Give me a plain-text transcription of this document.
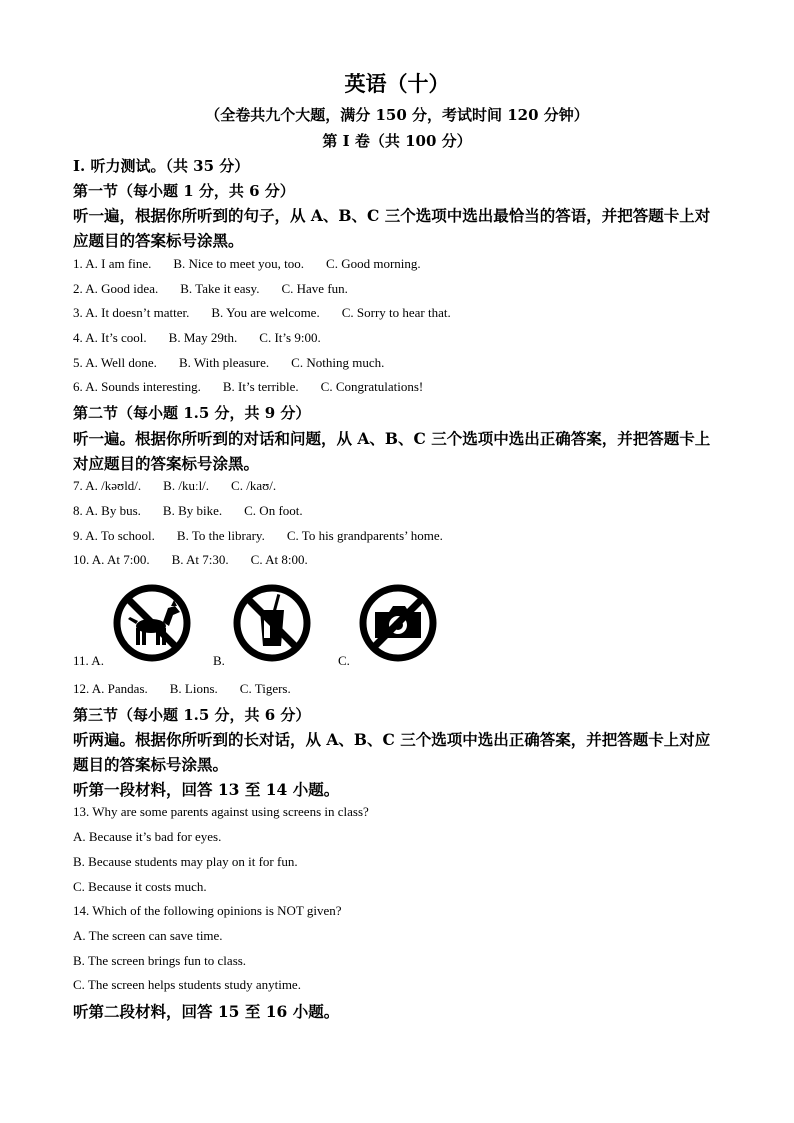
英语（十）
（全卷共九个大题，满分 150 分，考试时间 120 分钟）
第 I 卷（共 100 分）
Ⅰ. 听力测试。（共 35 分）
第一节（每小题 1 分，共 6 分）
听一遍，根据你所听到的句子，从 A、B、C 三个选项中选出最恰当的答语，并把答题卡上对
应题目的答案标号涂黑。
1. A. I am fine. B. Nice to meet you, too. C. Good morning.
2. A. Good idea. B. Take it easy. C. Have fun.
3. A. It doesn’t matter. B. You are welcome. C. Sorry to hear that.
4. A. It’s cool. B. May 29th. C. It’s 9:00.
5. A. Well done. B. With pleasure. C. Nothing much.
6. A. Sounds interesting. B. It’s terrible. C. Congratulations!
第二节（每小题 1.5 分，共 9 分）
听一遍。根据你所听到的对话和问题，从 A、B、C 三个选项中选出正确答案，并把答题卡上
对应题目的答案标号涂黑。
7. A. /kəʊld/. B. /kuːl/. C. /kaʊ/.
8. A. By bus. B. By bike. C. On foot.
9. A. To school. B. To the library. C. To his grandparents’ home.
10. A. At 7:00. B. At 7:30. C. At 8:00.
11. A.	B.	C.
12. A. Pandas. B. Lions. C. Tigers.
第三节（每小题 1.5 分，共 6 分）
听两遍。根据你所听到的长对话，从 A、B、C 三个选项中选出正确答案，并把答题卡上对应
题目的答案标号涂黑。
听第一段材料，回答 13 至 14 小题。
13. Why are some parents against using screens in class?
A. Because it’s bad for eyes.
B. Because students may play on it for fun.
C. Because it costs much.
14. Which of the following opinions is NOT given?
A. The screen can save time.
B. The screen brings fun to class.
C. The screen helps students study anytime.
听第二段材料，回答 15 至 16 小题。
